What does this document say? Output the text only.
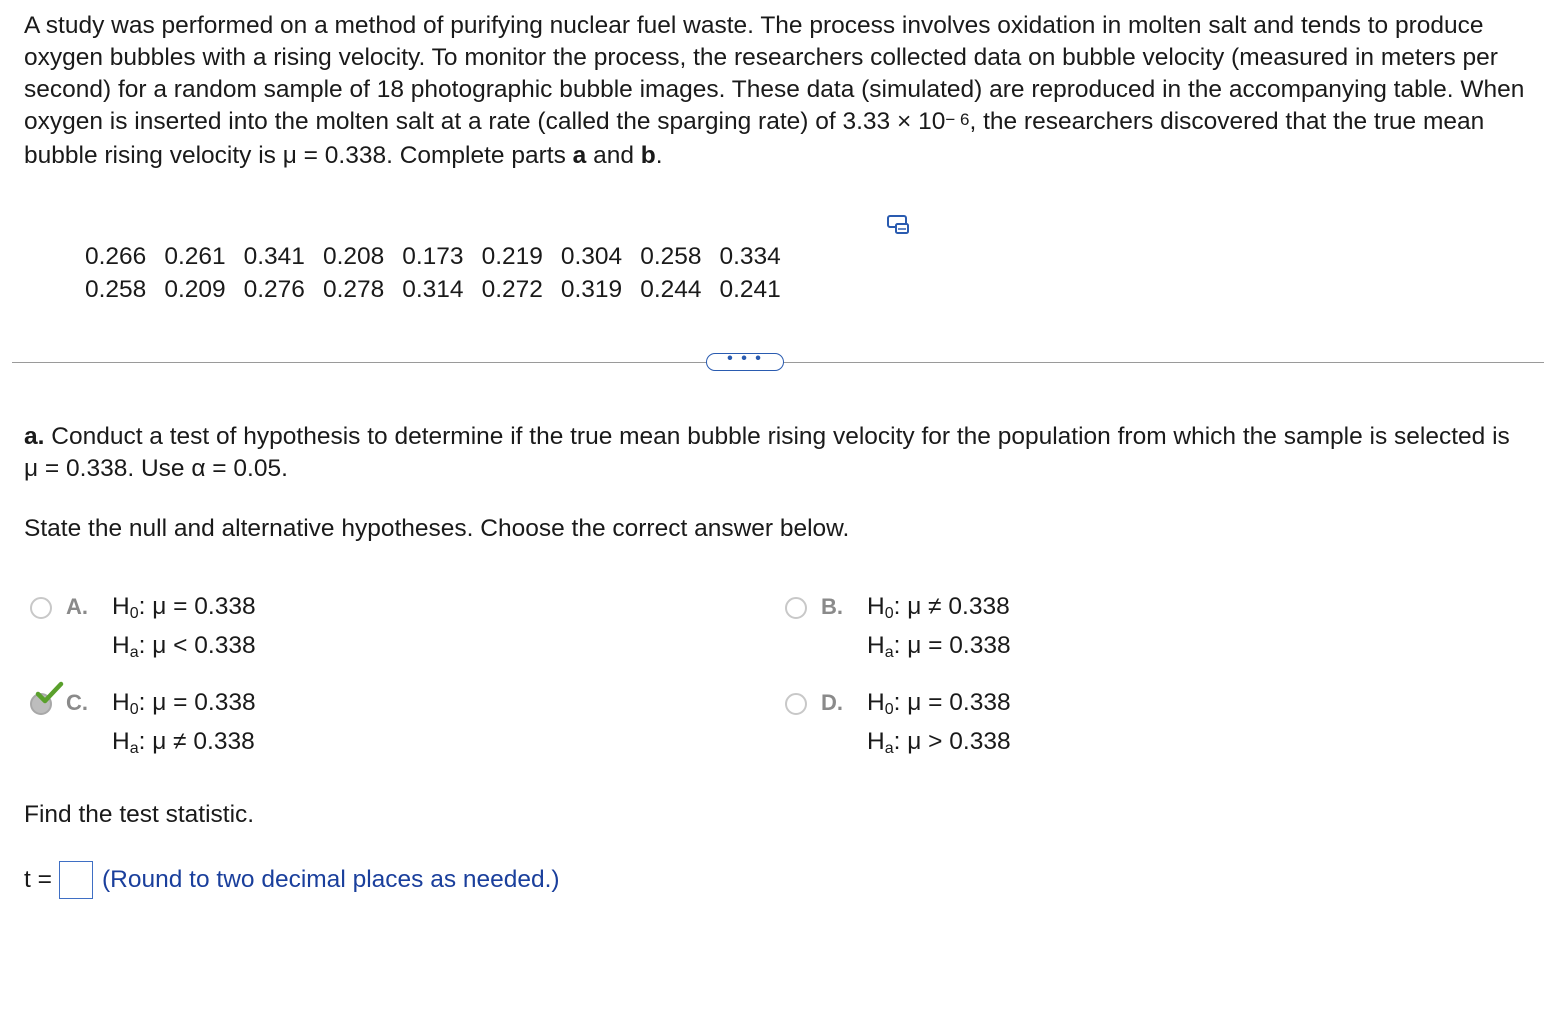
A study was performed on a method of purifying nuclear fuel waste. The process involves oxidation in molten salt and tends to produce oxygen bubbles with a rising velocity. To monitor the process, the researchers collected data on bubble velocity (measured in meters per second) for a random sample of 18 photographic bubble images. These data (simulated) are reproduced in the accompanying table. When oxygen is inserted into the molten salt at a rate (called the sparging rate) of $3.33 \times 10^{- 6}$, the researchers discovered that the true mean bubble rising velocity is μ = 0.338. Complete parts a and b.
0.266	0.261	0.341	0.208	0.173	0.219	0.304	0.258	0.334
0.258	0.209	0.276	0.278	0.314	0.272	0.319	0.244	0.241
• • •
a. Conduct a test of hypothesis to determine if the true mean bubble rising velocity for the population from which the sample is selected is μ = 0.338. Use α = 0.05.
State the null and alternative hypotheses. Choose the correct answer below.
A. $H_0$: μ = 0.338
$H_a$: μ < 0.338
B. $H_0$: μ ≠ 0.338
$H_a$: μ = 0.338
C. $H_0$: μ = 0.338
$H_a$: μ ≠ 0.338
D. $H_0$: μ = 0.338
$H_a$: μ > 0.338
Find the test statistic.
t = (Round to two decimal places as needed.)
